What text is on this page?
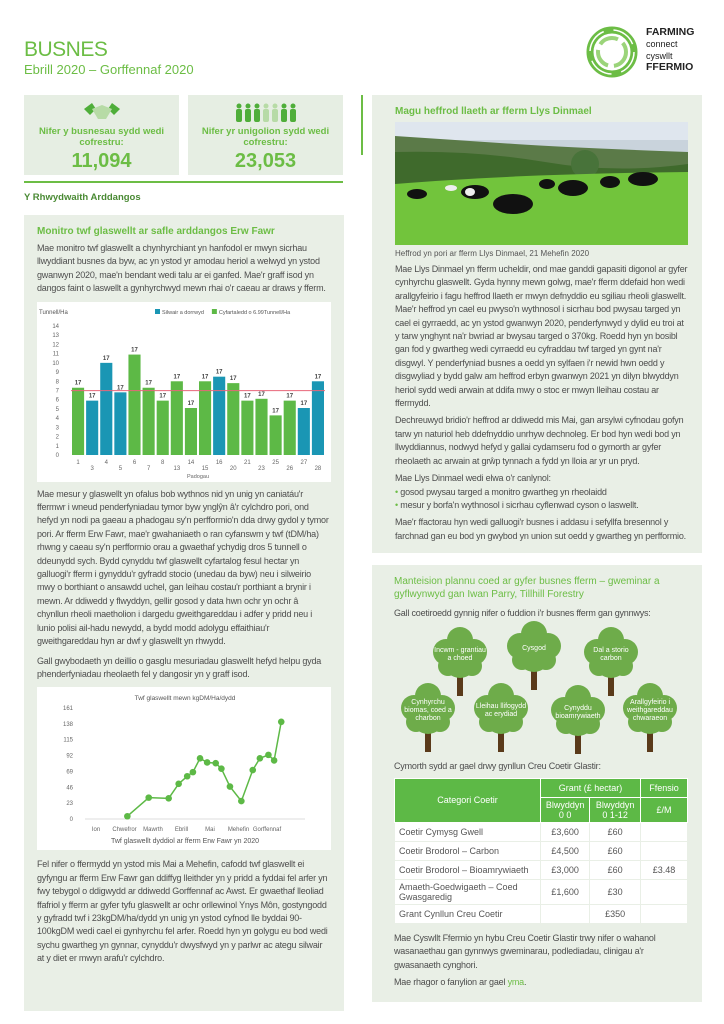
BUSNES
Ebrill 2020 – Gorffennaf 2020
FARMING
connect
cyswllt
FFERMIO
Nifer y busnesau sydd wedi cofrestru:
11,094
Nifer yr unigolion sydd wedi cofrestru:
23,053
Y Rhwydwaith Arddangos
Monitro twf glaswellt ar safle arddangos Erw Fawr
Mae monitro twf glaswellt a chynhyrchiant yn hanfodol er mwyn sicrhau llwyddiant busnes da byw, ac yn ystod yr amodau heriol a welwyd yn ystod gwanwyn 2020, mae'n bendant wedi talu ar ei ganfed. Mae'r graff isod yn dangos faint o laswellt a gynhyrchwyd mewn rhai o'r caeau ar draws y fferm.
Tunnell/Ha
0
1
2
3
4
5
6
7
8
9
10
11
12
13
14
Silwair a dorrwyd	Cyfartaledd o 6.99Tunnell/Ha
17
1
17
3
17
4
17
5
17
6
17
7
17
8
17
13
17
14
17
15
17
16
17
20
17
21
17
23
17
25
17
26
17
27
17
28
Padogau
Mae mesur y glaswellt yn ofalus bob wythnos nid yn unig yn caniatáu'r ffermwr i wneud penderfyniadau tymor byw ynglŷn â'r cylchdro pori, ond hefyd yn nodi pa gaeau a phadogau sy'n perfformio'n dda drwy gydol y tymor pori. Ar fferm Erw Fawr, mae'r gwahaniaeth o ran cyfanswm y twf (tDM/ha) rhwng y caeau sy'n perfformio orau a gwaethaf ychydig dros 5 tunnell o ddeunydd sych. Bydd cynyddu twf glaswellt cyfartalog fesul hectar yn galluogi'r fferm i gynyddu'r gyfradd stocio (unedau da byw) neu i silweirio mwy o borthiant o ansawdd uchel, gan leihau costau'r porthiant a brynir i mewn. Ar ddiwedd y flwyddyn, gellir gosod y data hwn ochr yn ochr â chynllun rheoli maetholion i dargedu gweithgareddau i adfer y pridd neu i lunio polisi ail-hadu newydd, a bydd modd adolygu effaithiau'r gweithgareddau hyn ar dwf y glaswellt yn rhwydd.
Gall gwybodaeth yn deillio o gasglu mesuriadau glaswellt hefyd helpu gyda phenderfyniadau rheolaeth fel y dangosir yn y graff isod.
Twf glaswellt mewn kgDM/Ha/dydd
0
23
46
69
92
115
138
161
Ion Chwefror Mawrth Ebrill	Mai Mehefin Gorffennaf
Twf glaswellt dyddiol ar fferm Erw Fawr yn 2020
Fel nifer o ffermydd yn ystod mis Mai a Mehefin, cafodd twf glaswellt ei gyfyngu ar fferm Erw Fawr gan ddiffyg lleithder yn y pridd a fyddai fel arfer yn fwy tebygol o ddigwydd ar ddiwedd Gorffennaf ac Awst. Er gwaethaf lleoliad ffafriol y fferm ar gyfer tyfu glaswellt ar ochr orllewinol Ynys Môn, gostyngodd y gyfradd twf i 23kgDM/ha/dydd yn unig yn ystod cyfnod lle byddai 90-100kgDM wedi cael ei gynhyrchu fel arfer. Roedd hyn yn golygu eu bod wedi sychu gwartheg yn gynnar, cynyddu'r dwysfwyd yn y parlwr ac ategu silwair at y diet er mwyn arafu'r cylchdro.
Magu heffrod llaeth ar fferm Llys Dinmael
Heffrod yn pori ar fferm Llys Dinmael, 21 Mehefin 2020
Mae Llys Dinmael yn fferm ucheldir, ond mae ganddi gapasiti digonol ar gyfer cynhyrchu glaswellt. Gyda hynny mewn golwg, mae'r fferm ddefaid hon wedi arallgyfeirio i fagu heffrod llaeth er mwyn defnyddio eu sgiliau rheoli glaswellt. Mae'r heffrod yn cael eu pwyso'n wythnosol i sicrhau bod pwysau targed yn cael ei gyrraedd, ac yn ystod gwanwyn 2020, penderfynwyd y dylid eu troi at y tarw ynghynt na'r bwriad ar bwysau targed o 370kg. Roedd hyn yn bosibl gan fod y gwartheg wedi cyrraedd eu cyfraddau twf targed yn gynt na'r disgwyl. Y penderfyniad busnes a oedd yn sylfaen i'r newid hwn oedd y disgwyliad y bydd galw am heffrod erbyn gwanwyn 2021 yn dilyn blwyddyn heriol sydd wedi arwain at ddifa mwy o stoc er mwyn lleihau costau ar ffermydd.
Dechreuwyd bridio'r heffrod ar ddiwedd mis Mai, gan arsylwi cyfnodau gofyn tarw yn naturiol heb ddefnyddio unrhyw dechnoleg. Er bod hyn wedi bod yn llwyddiannus, nodwyd hefyd y gallai cydamseru fod o gymorth ar gyfer rheolaeth ac arwain at grŵp tynnach a fydd yn lloia ar yr un pryd.
Mae Llys Dinmael wedi elwa o'r canlynol:
• gosod pwysau targed a monitro gwartheg yn rheolaidd
• mesur y borfa'n wythnosol i sicrhau cyflenwad cyson o laswellt.
Mae'r ffactorau hyn wedi galluogi'r busnes i addasu i sefyllfa bresennol y farchnad gan eu bod yn gwybod yn union sut oedd y gwartheg yn perfformio.
Manteision plannu coed ar gyfer busnes fferm – gweminar a gyflwynwyd gan Iwan Parry, Tillhill Forestry
Gall coetiroedd gynnig nifer o fuddion i'r busnes fferm gan gynnwys:
Incwm - grantiau a choed
Cysgod	Dal a storio carbon
Cynhyrchu biomas, coed a charbon
Lleihau llifogydd ac erydiad
Cynyddu bioamrywiaeth
Arallgyfeirio i weithgareddau chwaraeon
Cymorth sydd ar gael drwy gynllun Creu Coetir Glastir:
Categori Coetir	Grant (£ hectar)		Ffensio
	Blwyddyn 0 0	Blwyddyn 0 1-12	£/M
Coetir Cymysg Gwell	£3,600	£60	
Coetir Brodorol – Carbon	£4,500	£60	
Coetir Brodorol – Bioamrywiaeth	£3,000	£60	£3.48
Amaeth-Goedwigaeth – Coed Gwasgaredig	£1,600	£30	
Grant Cynllun Creu Coetir		£350	
Mae Cyswllt Ffermio yn hybu Creu Coetir Glastir trwy nifer o wahanol wasanaethau gan gynnwys gweminarau, podlediadau, clinigau a'r gwasanaeth cynghori.
Mae rhagor o fanylion ar gael yma.
